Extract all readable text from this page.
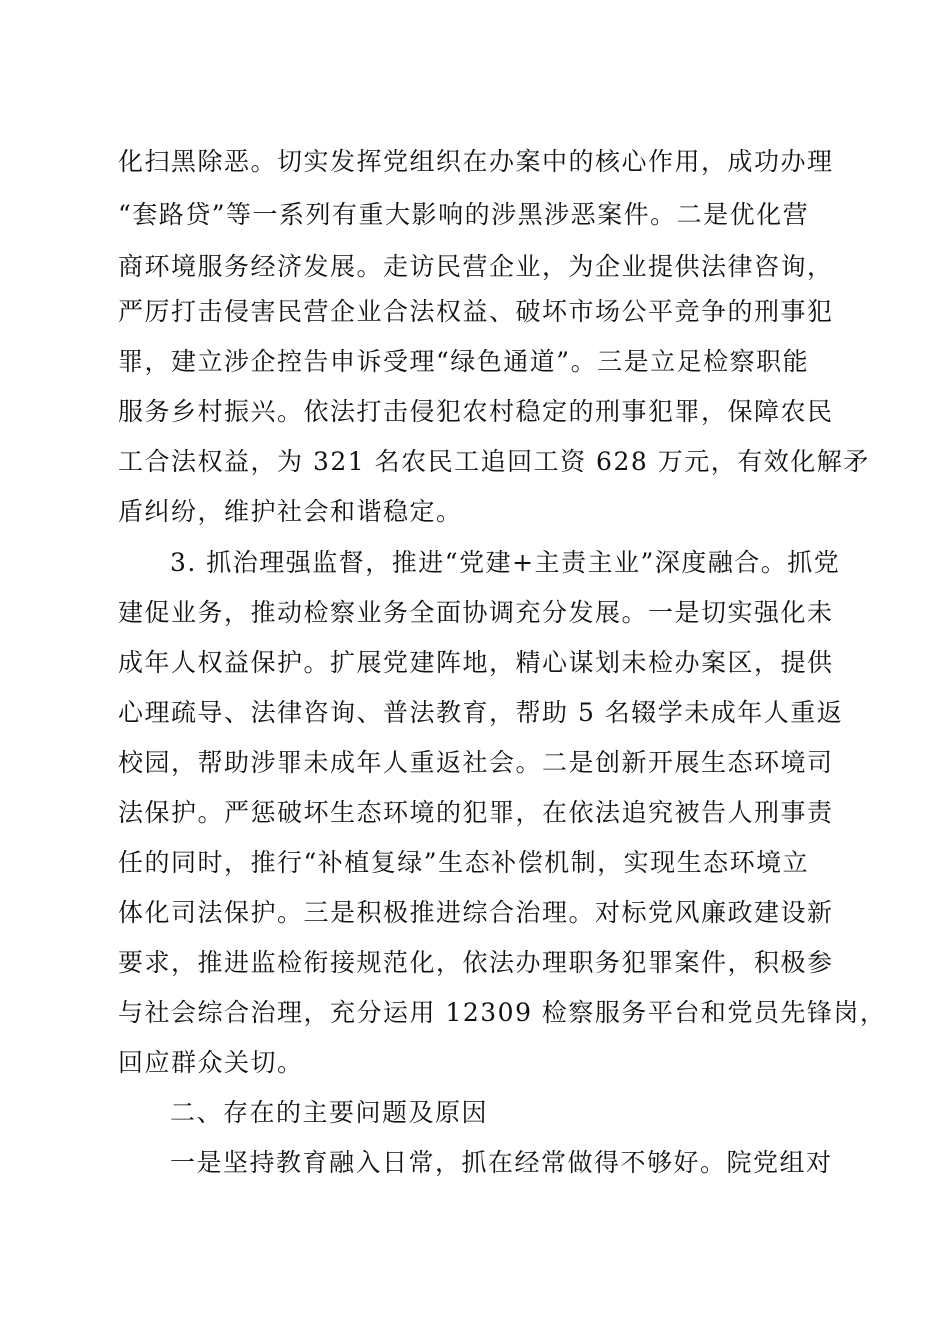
化扫黑除恶。切实发挥党组织在办案中的核心作用，成功办理
“套路贷”等一系列有重大影响的涉黑涉恶案件。二是优化营
商环境服务经济发展。走访民营企业，为企业提供法律咨询，
严厉打击侵害民营企业合法权益、破坏市场公平竞争的刑事犯
罪，建立涉企控告申诉受理“绿色通道”。三是立足检察职能
服务乡村振兴。依法打击侵犯农村稳定的刑事犯罪，保障农民
工合法权益，为 321 名农民工追回工资 628 万元，有效化解矛
盾纠纷，维护社会和谐稳定。
3. 抓治理强监督，推进“党建+主责主业”深度融合。抓党
建促业务，推动检察业务全面协调充分发展。一是切实强化未
成年人权益保护。扩展党建阵地，精心谋划未检办案区，提供
心理疏导、法律咨询、普法教育，帮助 5 名辍学未成年人重返
校园，帮助涉罪未成年人重返社会。二是创新开展生态环境司
法保护。严惩破坏生态环境的犯罪，在依法追究被告人刑事责
任的同时，推行“补植复绿”生态补偿机制，实现生态环境立
体化司法保护。三是积极推进综合治理。对标党风廉政建设新
要求，推进监检衔接规范化，依法办理职务犯罪案件，积极参
与社会综合治理，充分运用 12309 检察服务平台和党员先锋岗，
回应群众关切。
二、存在的主要问题及原因
一是坚持教育融入日常，抓在经常做得不够好。院党组对
